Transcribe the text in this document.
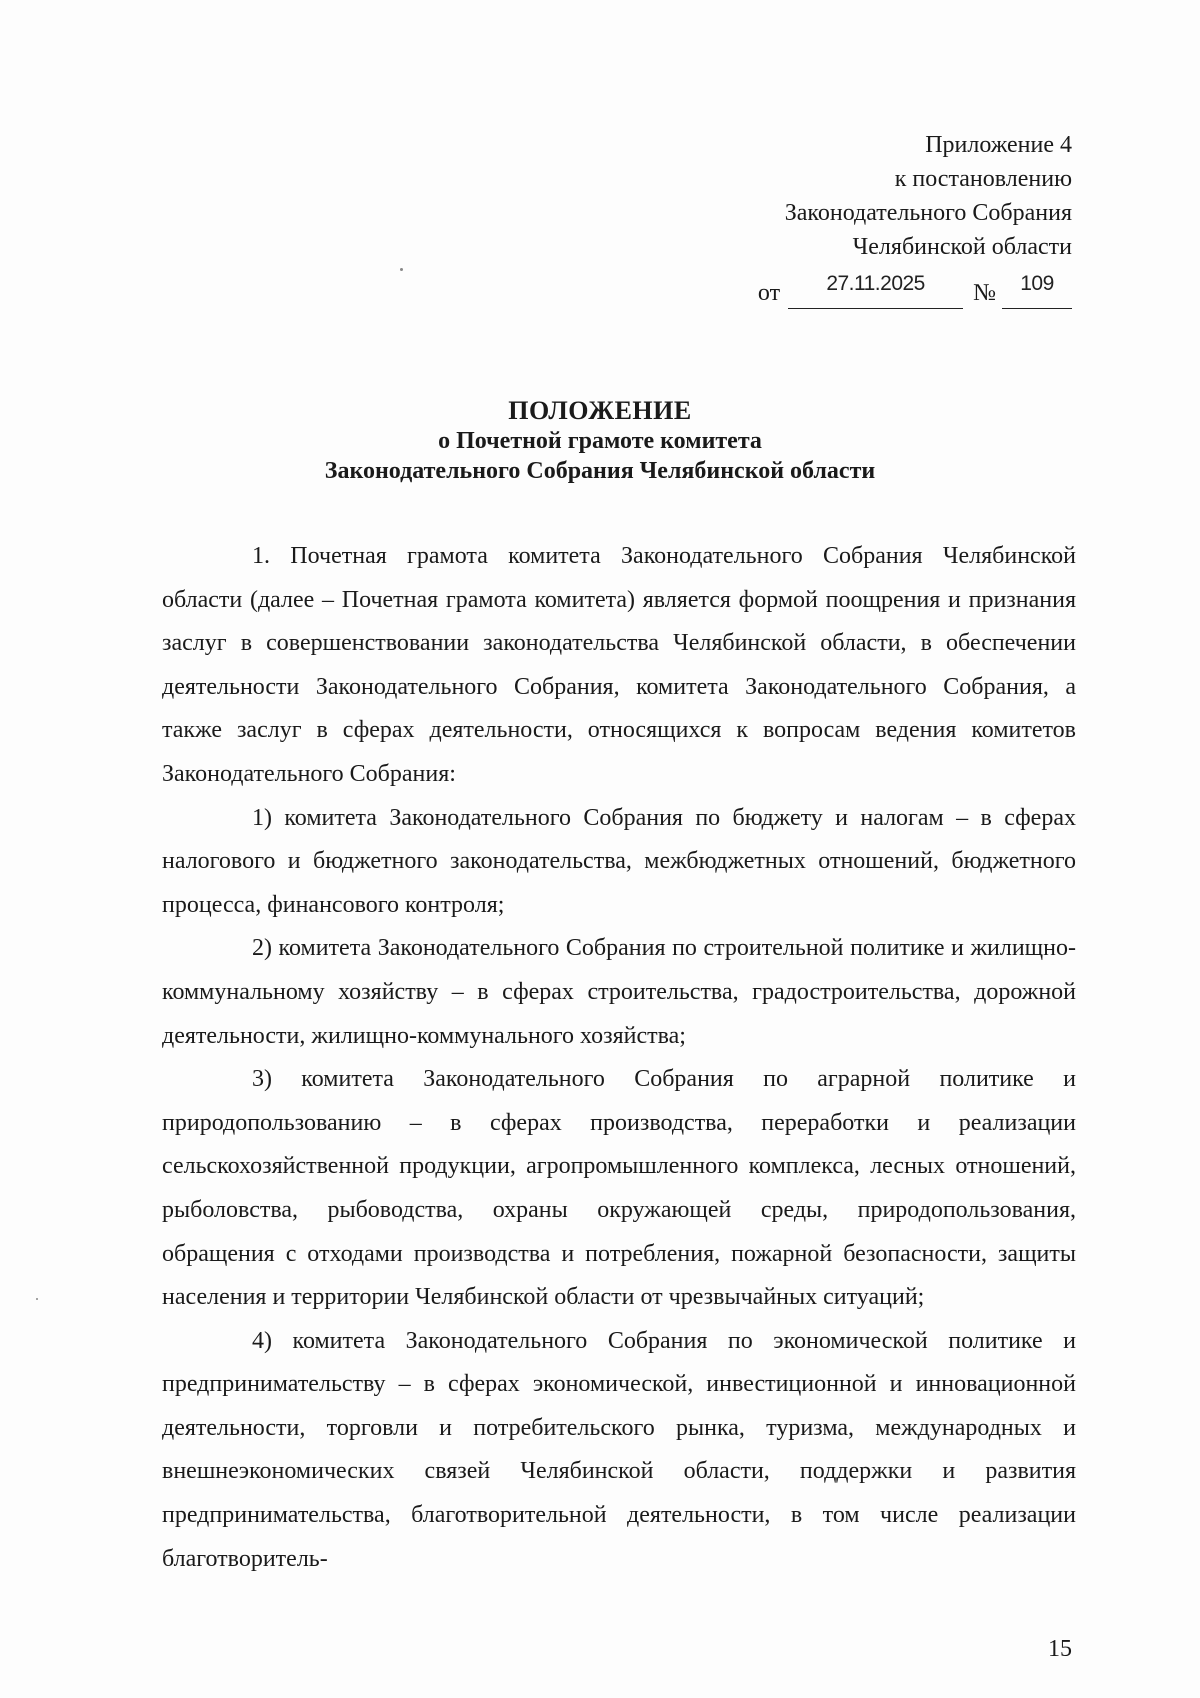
Приложение 4
к постановлению
Законодательного Собрания
Челябинской области
от	27.11.2025	№	109
ПОЛОЖЕНИЕ
о Почетной грамоте комитета
Законодательного Собрания Челябинской области

1. Почетная грамота комитета Законодательного Собрания Челябинской области (далее – Почетная грамота комитета) является формой поощрения и признания заслуг в совершенствовании законодательства Челябинской области, в обеспечении деятельности Законодательного Собрания, комитета Законодательного Собрания, а также заслуг в сферах деятельности, относящихся к вопросам ведения комитетов Законодательного Собрания:

1) комитета Законодательного Собрания по бюджету и налогам – в сферах налогового и бюджетного законодательства, межбюджетных отношений, бюджетного процесса, финансового контроля;

2) комитета Законодательного Собрания по строительной политике и жилищно-коммунальному хозяйству – в сферах строительства, градостроительства, дорожной деятельности, жилищно-коммунального хозяйства;

3) комитета Законодательного Собрания по аграрной политике и природопользованию – в сферах производства, переработки и реализации сельскохозяйственной продукции, агропромышленного комплекса, лесных отношений, рыболовства, рыбоводства, охраны окружающей среды, природопользования, обращения с отходами производства и потребления, пожарной безопасности, защиты населения и территории Челябинской области от чрезвычайных ситуаций;

4) комитета Законодательного Собрания по экономической политике и предпринимательству – в сферах экономической, инвестиционной и инновационной деятельности, торговли и потребительского рынка, туризма, международных и внешнеэкономических связей Челябинской области, поддержки и развития предпринимательства, благотворительной деятельности, в том числе реализации благотворитель-

15
